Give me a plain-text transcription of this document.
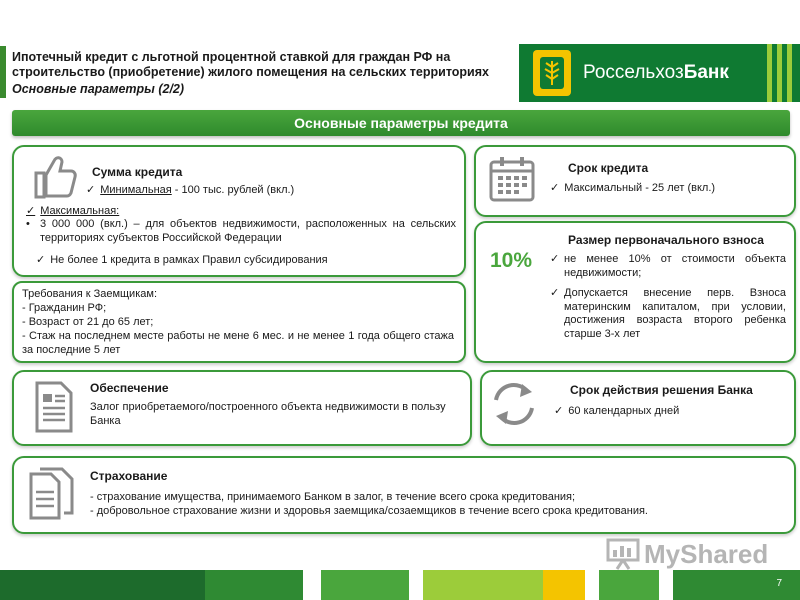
Ипотечный кредит с льготной процентной ставкой для граждан РФ на строительство (приобретение) жилого помещения на сельских территориях
Основные параметры (2/2)
РоссельхозБанк
Основные параметры кредита
Сумма кредита
✓ Минимальная - 100 тыс. рублей (вкл.)
✓ Максимальная:
• 3 000 000 (вкл.) – для объектов недвижимости, расположенных на сельских территориях субъектов Российской Федерации
✓ Не более 1 кредита в рамках Правил субсидирования
Требования к Заемщикам:
- Гражданин РФ;
- Возраст от 21 до 65 лет;
- Стаж на последнем месте работы не мене 6 мес. и не менее 1 года общего стажа за последние 5 лет
Срок кредита
✓ Максимальный - 25 лет (вкл.)
10%
Размер первоначального взноса
✓ не менее 10% от стоимости объекта недвижимости;
✓ Допускается внесение перв. Взноса материнским капиталом, при условии, достижения возраста второго ребенка старше 3-х лет
Обеспечение
Залог приобретаемого/построенного объекта недвижимости в пользу Банка
Срок действия решения Банка
✓ 60 календарных дней
Страхование
- страхование имущества, принимаемого Банком в залог, в течение всего срока кредитования;
- добровольное страхование жизни и здоровья заемщика/созаемщиков в течение всего срока кредитования.
MyShared
7
